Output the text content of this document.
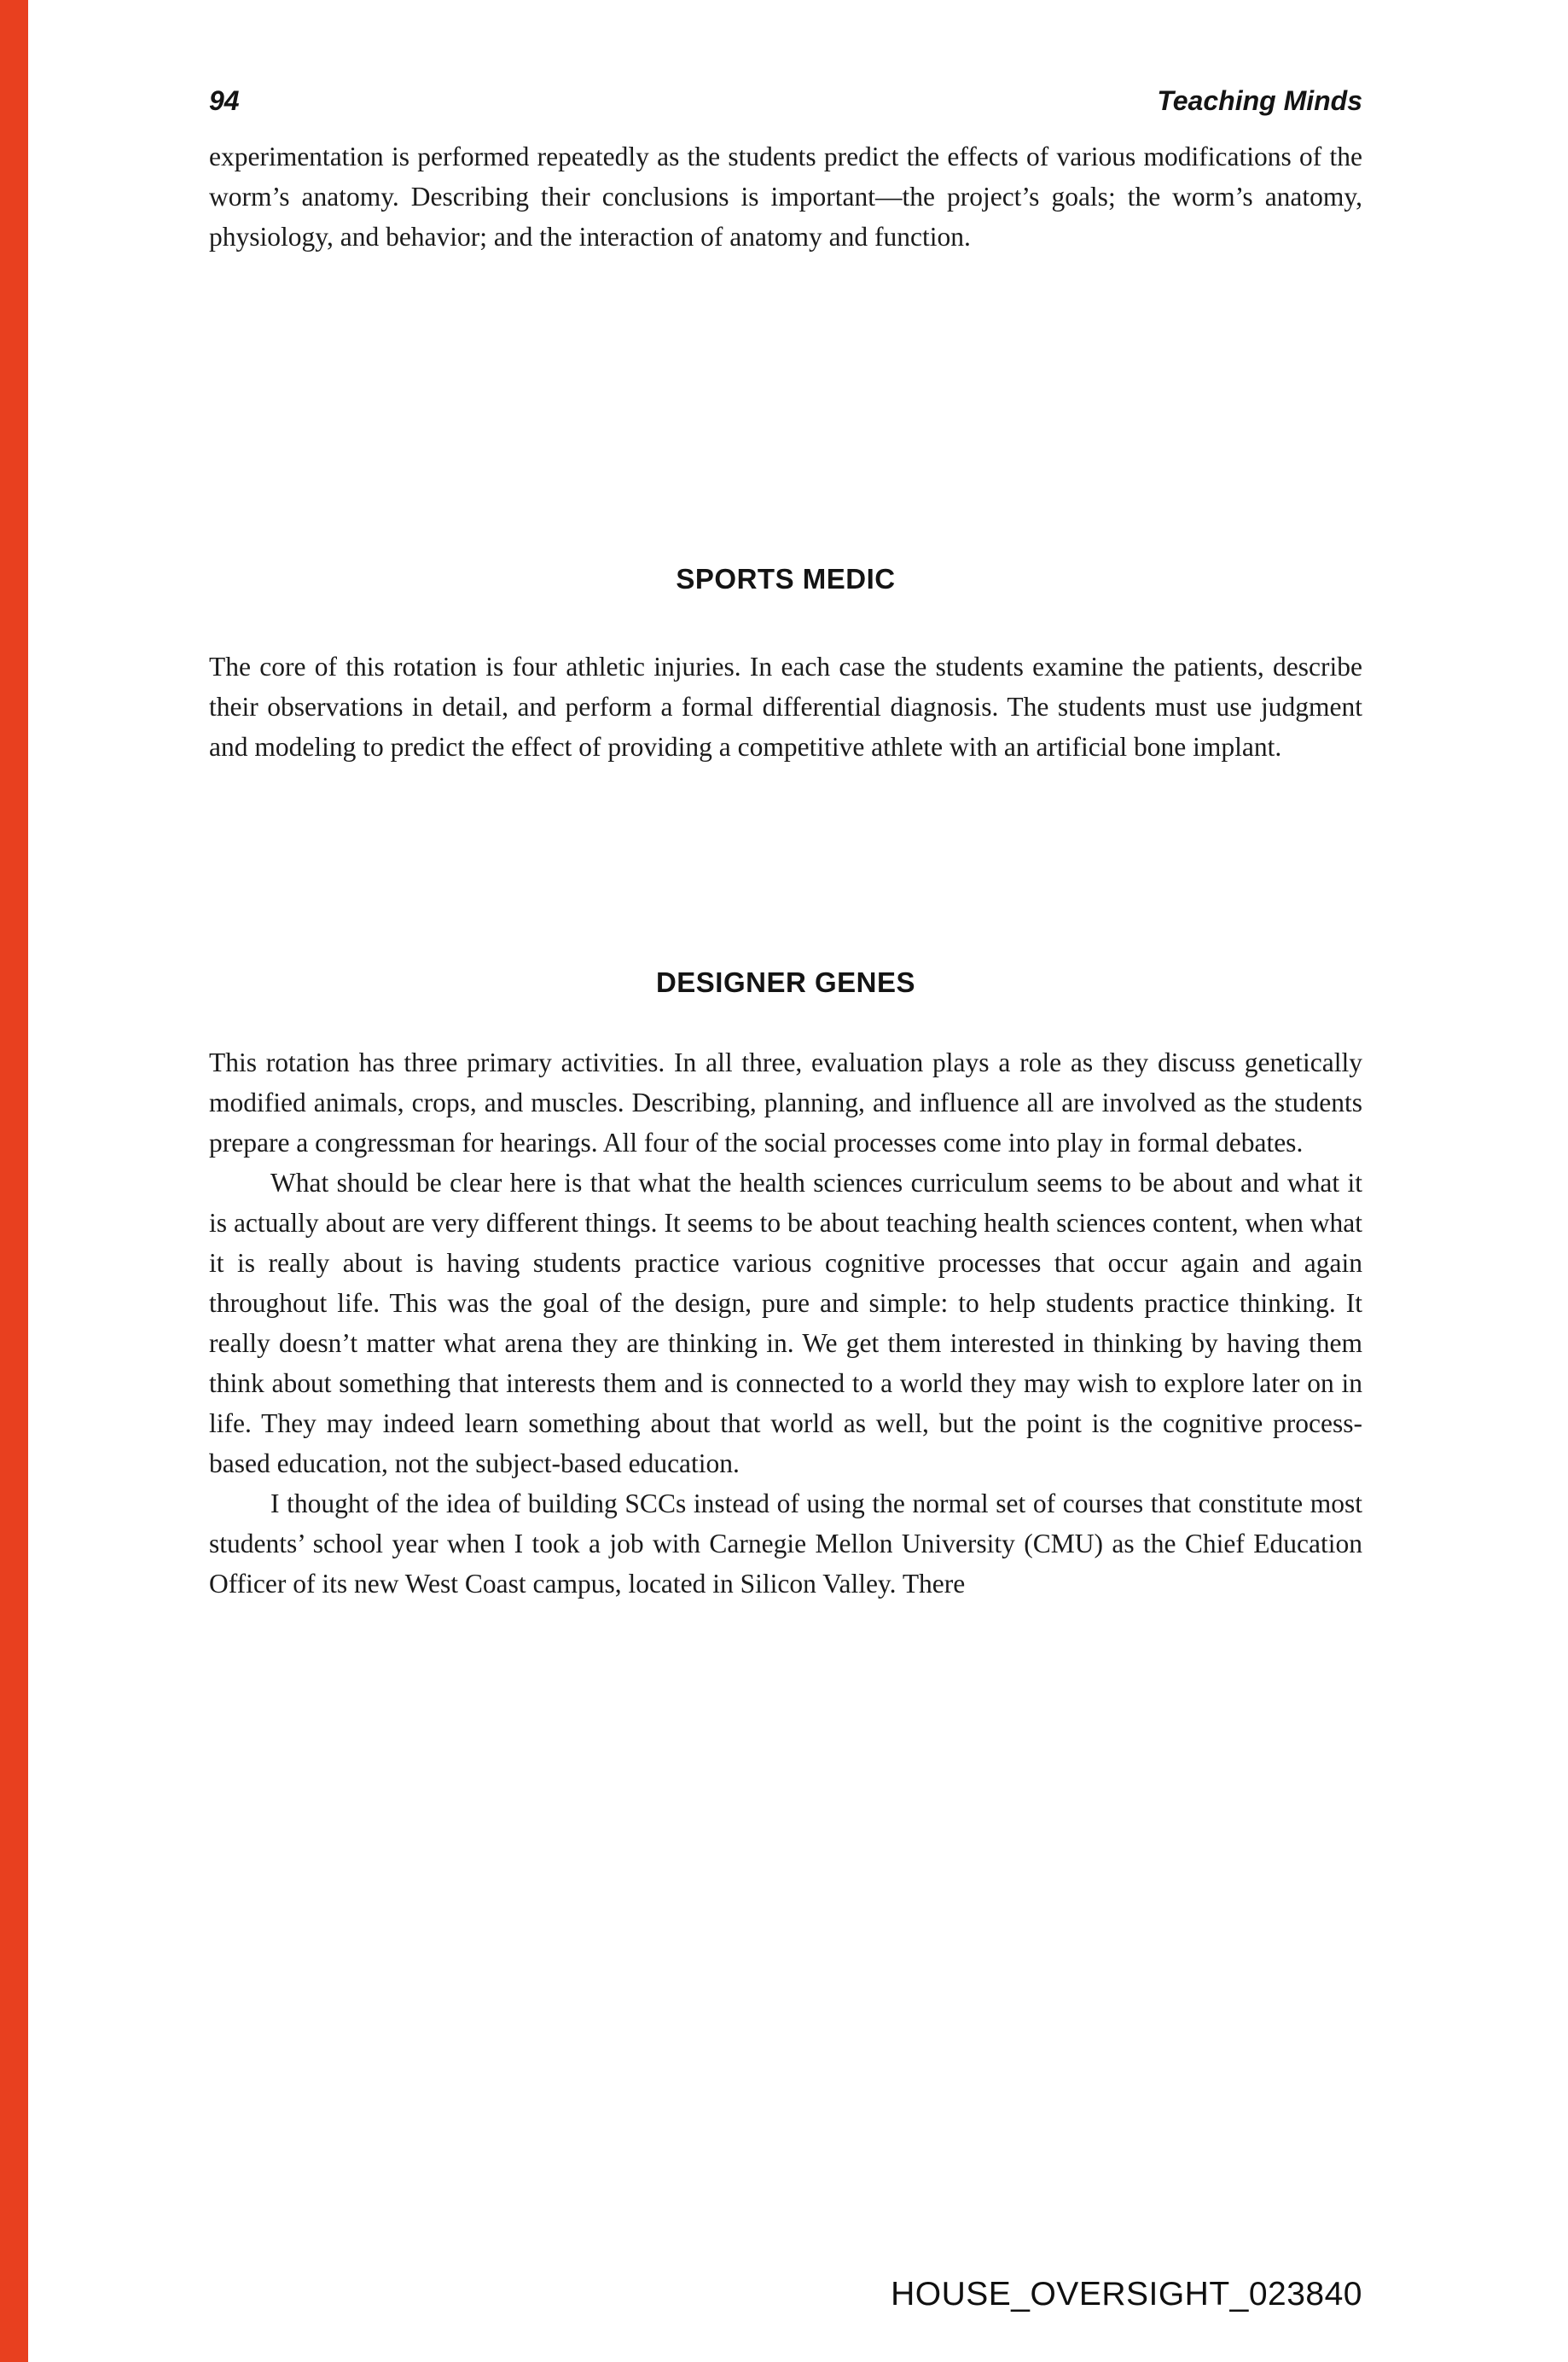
94	Teaching Minds

experimentation is performed repeatedly as the students predict the effects of various modifications of the worm’s anatomy. Describing their conclusions is important—the project’s goals; the worm’s anatomy, physiology, and behavior; and the interaction of anatomy and function.

SPORTS MEDIC

The core of this rotation is four athletic injuries. In each case the students examine the patients, describe their observations in detail, and perform a formal differential diagnosis. The students must use judgment and modeling to predict the effect of providing a competitive athlete with an artificial bone implant.

DESIGNER GENES

This rotation has three primary activities. In all three, evaluation plays a role as they discuss genetically modified animals, crops, and muscles. Describing, planning, and influence all are involved as the students prepare a congressman for hearings. All four of the social processes come into play in formal debates.

What should be clear here is that what the health sciences curriculum seems to be about and what it is actually about are very different things. It seems to be about teaching health sciences content, when what it is really about is having students practice various cognitive processes that occur again and again throughout life. This was the goal of the design, pure and simple: to help students practice thinking. It really doesn’t matter what arena they are thinking in. We get them interested in thinking by having them think about something that interests them and is connected to a world they may wish to explore later on in life. They may indeed learn something about that world as well, but the point is the cognitive process-based education, not the subject-based education.

I thought of the idea of building SCCs instead of using the normal set of courses that constitute most students’ school year when I took a job with Carnegie Mellon University (CMU) as the Chief Education Officer of its new West Coast campus, located in Silicon Valley. There

HOUSE_OVERSIGHT_023840
